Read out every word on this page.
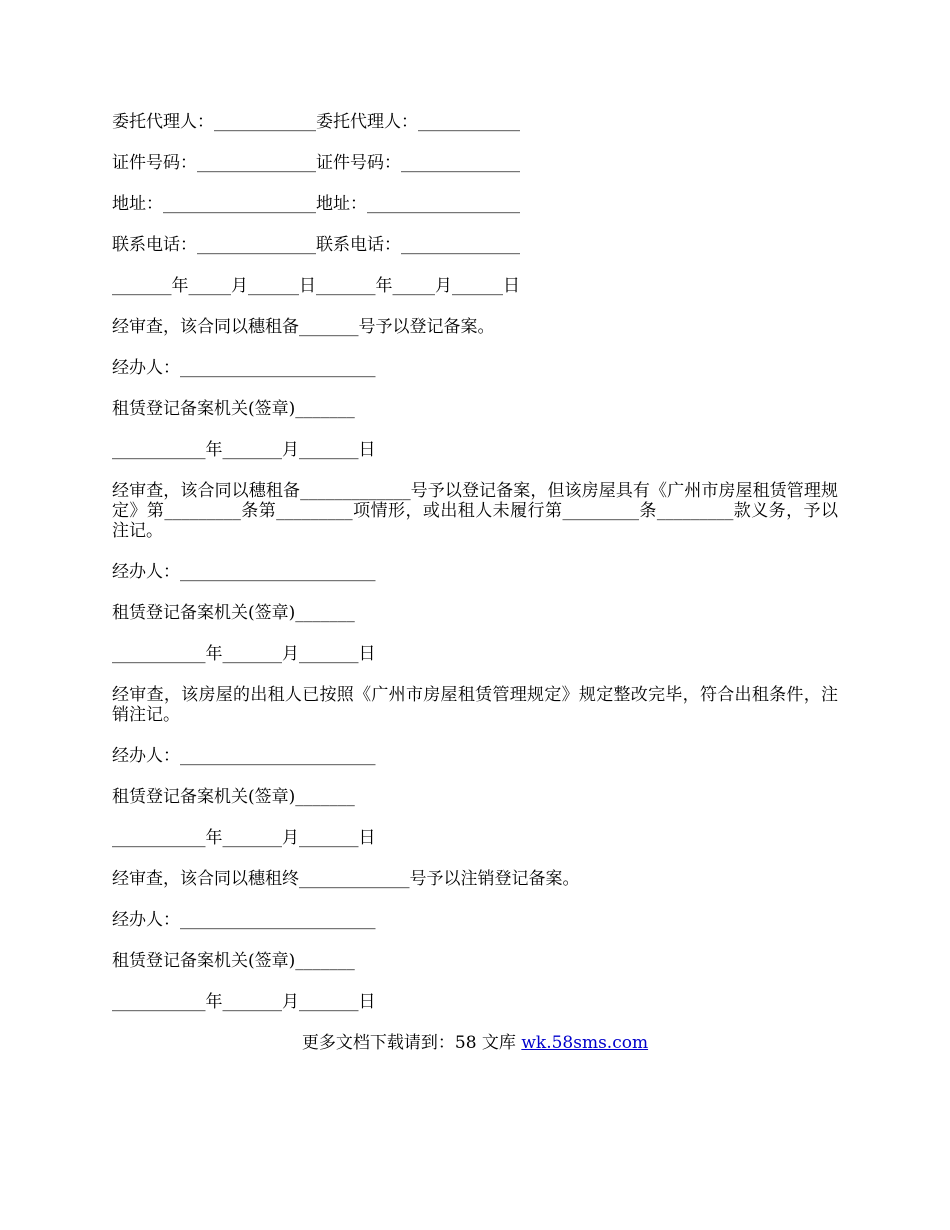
委托代理人：____________委托代理人：____________
证件号码：______________证件号码：______________
地址：__________________地址：__________________
联系电话：______________联系电话：______________
_______年_____月______日_______年_____月______日
经审查，该合同以穗租备_______号予以登记备案。
经办人：_______________________
租赁登记备案机关(签章)_______
___________年_______月_______日
经审查，该合同以穗租备_____________号予以登记备案，但该房屋具有《广州市房屋租赁管理规定》第_________条第_________项情形，或出租人未履行第_________条_________款义务，予以注记。
经办人：_______________________
租赁登记备案机关(签章)_______
___________年_______月_______日
经审查，该房屋的出租人已按照《广州市房屋租赁管理规定》规定整改完毕，符合出租条件，注销注记。
经办人：_______________________
租赁登记备案机关(签章)_______
___________年_______月_______日
经审查，该合同以穗租终_____________号予以注销登记备案。
经办人：_______________________
租赁登记备案机关(签章)_______
___________年_______月_______日
更多文档下载请到：58 文库 wk.58sms.com
